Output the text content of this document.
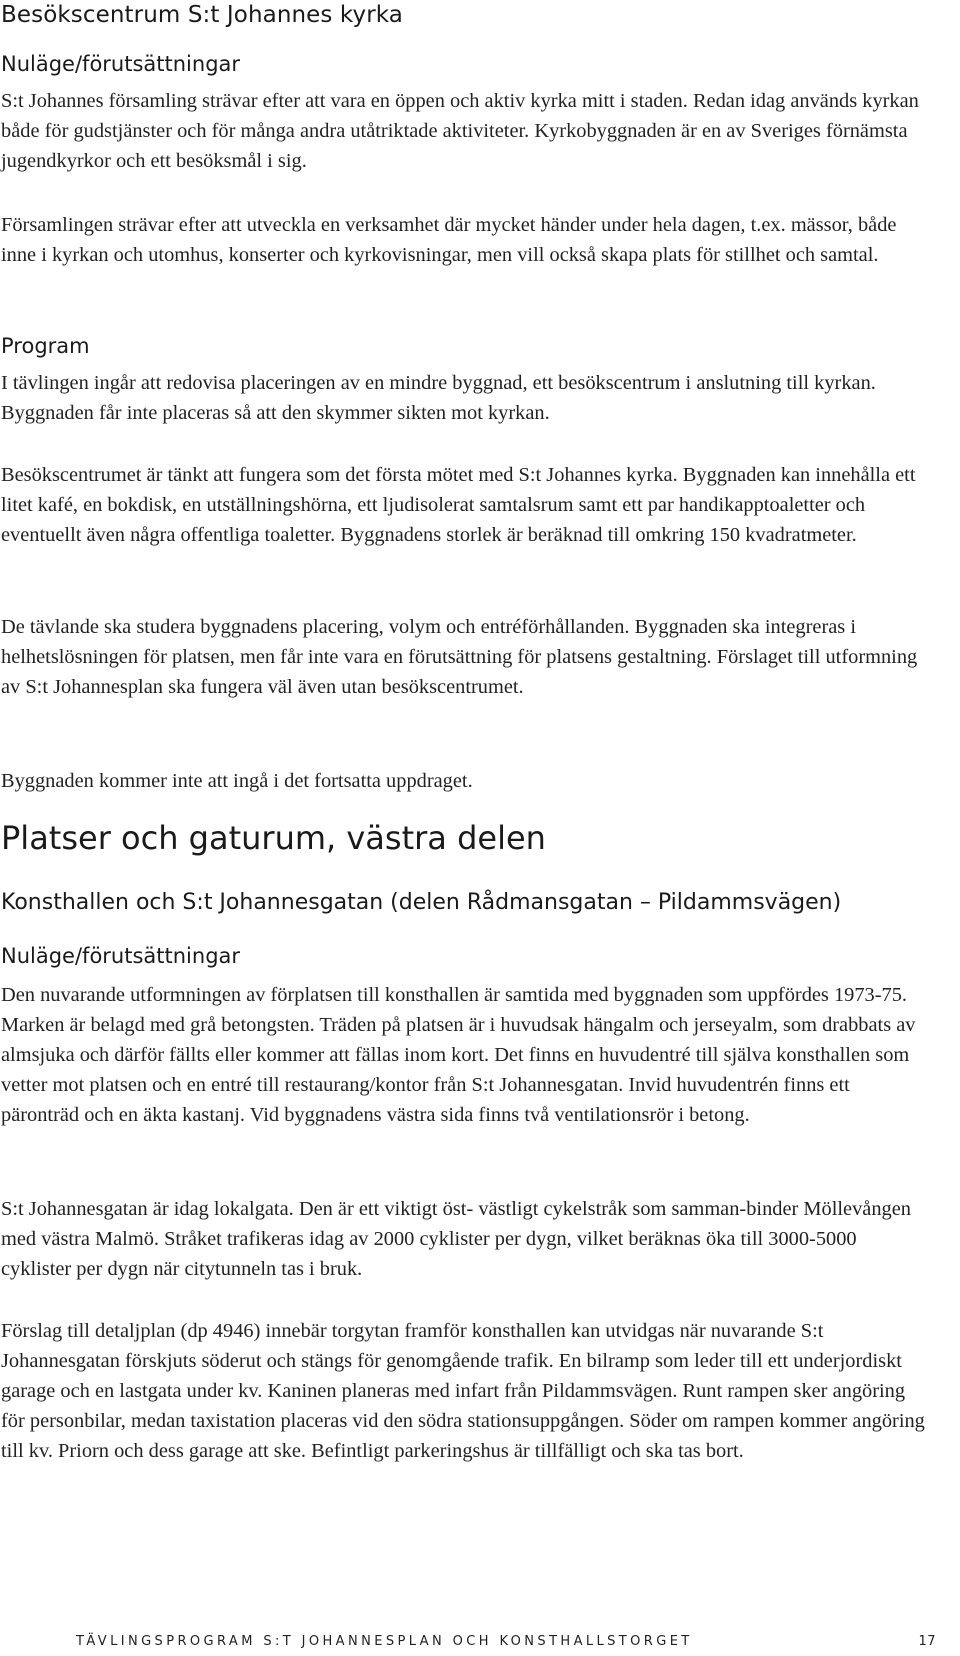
Besökscentrum S:t Johannes kyrka
Nuläge/förutsättningar

S:t Johannes församling strävar efter att vara en öppen och aktiv kyrka mitt i staden. Redan idag används kyrkan både för gudstjänster och för många andra utåtriktade aktiviteter. Kyrkobyggnaden är en av Sveriges förnämsta jugendkyrkor och ett besöksmål i sig.

Församlingen strävar efter att utveckla en verksamhet där mycket händer under hela dagen, t.ex. mässor, både inne i kyrkan och utomhus, konserter och kyrkovisningar, men vill också skapa plats för stillhet och samtal.

Program

I tävlingen ingår att redovisa placeringen av en mindre byggnad, ett besökscentrum i anslutning till kyrkan. Byggnaden får inte placeras så att den skymmer sikten mot kyrkan.

Besökscentrumet är tänkt att fungera som det första mötet med S:t Johannes kyrka. Byggnaden kan innehålla ett litet kafé, en bokdisk, en utställningshörna, ett ljudisolerat samtalsrum samt ett par handikapptoaletter och eventuellt även några offentliga toaletter. Byggnadens storlek är beräknad till omkring 150 kvadratmeter.

De tävlande ska studera byggnadens placering, volym och entréförhållanden. Byggnaden ska integreras i helhetslösningen för platsen, men får inte vara en förutsättning för platsens gestaltning. Förslaget till utformning av S:t Johannesplan ska fungera väl även utan besökscentrumet.

Byggnaden kommer inte att ingå i det fortsatta uppdraget.

Platser och gaturum, västra delen
Konsthallen och S:t Johannesgatan (delen Rådmansgatan – Pildammsvägen)
Nuläge/förutsättningar

Den nuvarande utformningen av förplatsen till konsthallen är samtida med byggnaden som uppfördes 1973-75. Marken är belagd med grå betongsten. Träden på platsen är i huvudsak hängalm och jerseyalm, som drabbats av almsjuka och därför fällts eller kommer att fällas inom kort. Det finns en huvudentré till själva konsthallen som vetter mot platsen och en entré till restaurang/kontor från S:t Johannesgatan. Invid huvudentrén finns ett päronträd och en äkta kastanj. Vid byggnadens västra sida finns två ventilationsrör i betong.

S:t Johannesgatan är idag lokalgata. Den är ett viktigt öst- västligt cykelstråk som samman-binder Möllevången med västra Malmö. Stråket trafikeras idag av 2000 cyklister per dygn, vilket beräknas öka till 3000-5000 cyklister per dygn när citytunneln tas i bruk.

Förslag till detaljplan (dp 4946) innebär torgytan framför konsthallen kan utvidgas när nuvarande S:t Johannesgatan förskjuts söderut och stängs för genomgående trafik. En bilramp som leder till ett underjordiskt garage och en lastgata under kv. Kaninen planeras med infart från Pildammsvägen. Runt rampen sker angöring för personbilar, medan taxistation placeras vid den södra stationsuppgången. Söder om rampen kommer angöring till kv. Priorn och dess garage att ske. Befintligt parkeringshus är tillfälligt och ska tas bort.

TÄVLINGSPROGRAM S:T JOHANNESPLAN OCH KONSTHALLSTORGET	17
